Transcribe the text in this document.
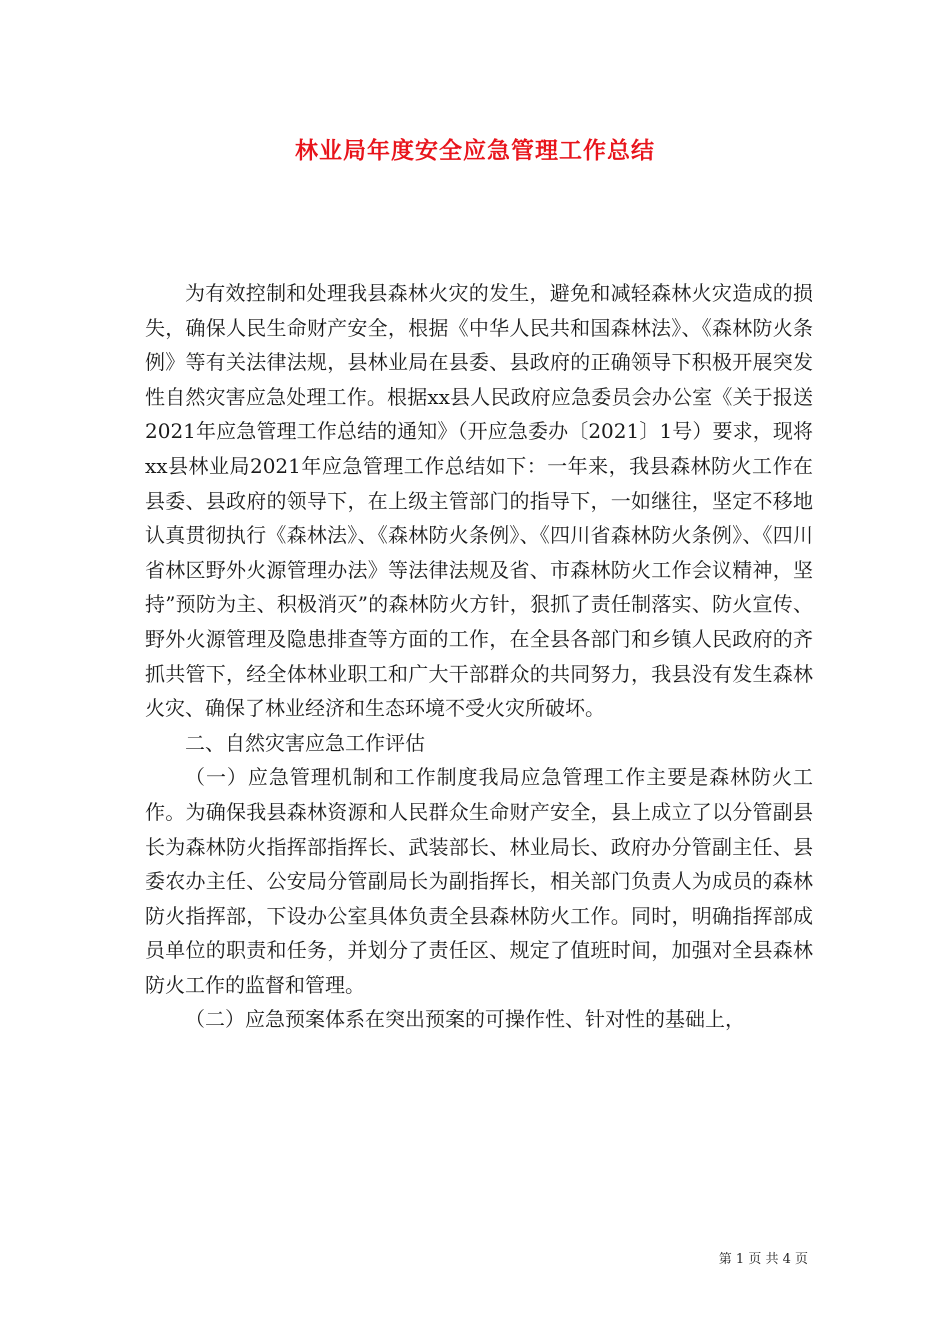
林业局年度安全应急管理工作总结

为有效控制和处理我县森林火灾的发生，避免和减轻森林火灾造成的损失，确保人民生命财产安全，根据《中华人民共和国森林法》、《森林防火条例》等有关法律法规，县林业局在县委、县政府的正确领导下积极开展突发性自然灾害应急处理工作。根据xx县人民政府应急委员会办公室《关于报送2021年应急管理工作总结的通知》（开应急委办〔2021〕1号）要求，现将xx县林业局2021年应急管理工作总结如下：一年来，我县森林防火工作在县委、县政府的领导下，在上级主管部门的指导下，一如继往，坚定不移地认真贯彻执行《森林法》、《森林防火条例》、《四川省森林防火条例》、《四川省林区野外火源管理办法》等法律法规及省、市森林防火工作会议精神，坚持”预防为主、积极消灭”的森林防火方针，狠抓了责任制落实、防火宣传、野外火源管理及隐患排查等方面的工作，在全县各部门和乡镇人民政府的齐抓共管下，经全体林业职工和广大干部群众的共同努力，我县没有发生森林火灾、确保了林业经济和生态环境不受火灾所破坏。

二、自然灾害应急工作评估

（一）应急管理机制和工作制度我局应急管理工作主要是森林防火工作。为确保我县森林资源和人民群众生命财产安全，县上成立了以分管副县长为森林防火指挥部指挥长、武装部长、林业局长、政府办分管副主任、县委农办主任、公安局分管副局长为副指挥长，相关部门负责人为成员的森林防火指挥部，下设办公室具体负责全县森林防火工作。同时，明确指挥部成员单位的职责和任务，并划分了责任区、规定了值班时间，加强对全县森林防火工作的监督和管理。

（二）应急预案体系在突出预案的可操作性、针对性的基础上，

第 1 页 共 4 页
